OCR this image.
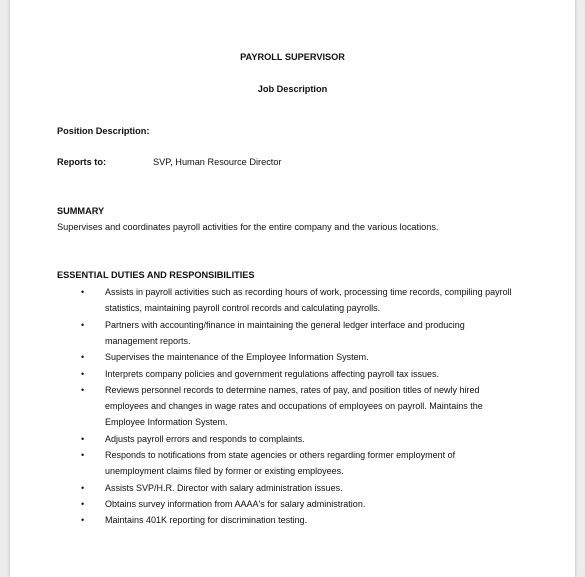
PAYROLL SUPERVISOR
Job Description
Position Description:
Reports to:	SVP, Human Resource Director
SUMMARY
Supervises and coordinates payroll activities for the entire company and the various locations.
ESSENTIAL DUTIES AND RESPONSIBILITIES
• Assists in payroll activities such as recording hours of work, processing time records, compiling payroll
statistics, maintaining payroll control records and calculating payrolls.
• Partners with accounting/finance in maintaining the general ledger interface and producing
management reports.
• Supervises the maintenance of the Employee Information System.
• Interprets company policies and government regulations affecting payroll tax issues.
• Reviews personnel records to determine names, rates of pay, and position titles of newly hired
employees and changes in wage rates and occupations of employees on payroll. Maintains the
Employee Information System.
• Adjusts payroll errors and responds to complaints.
• Responds to notifications from state agencies or others regarding former employment of
unemployment claims filed by former or existing employees.
• Assists SVP/H.R. Director with salary administration issues.
• Obtains survey information from AAAA's for salary administration.
• Maintains 401K reporting for discrimination testing.
